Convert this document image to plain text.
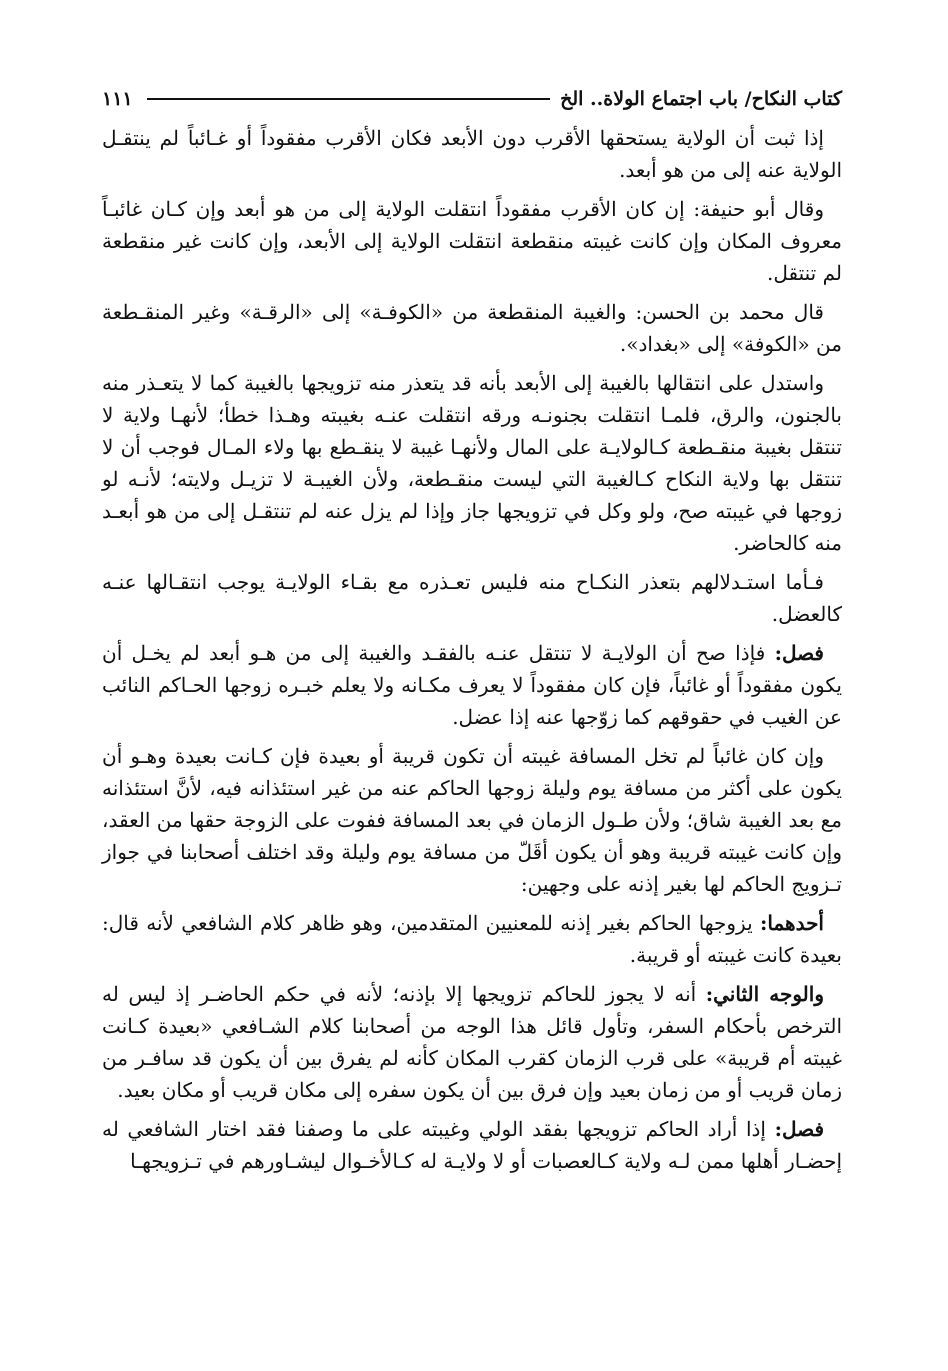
كتاب النكاح/ باب اجتماع الولاة.. الخ
١١١

إذا ثبت أن الولاية يستحقها الأقرب دون الأبعد فكان الأقرب مفقوداً أو غـائباً لم ينتقـل الولاية عنه إلى من هو أبعد.

وقال أبو حنيفة: إن كان الأقرب مفقوداً انتقلت الولاية إلى من هو أبعد وإن كـان غائبـاً معروف المكان وإن كانت غيبته منقطعة انتقلت الولاية إلى الأبعد، وإن كانت غير منقطعة لم تنتقل.

قال محمد بن الحسن: والغيبة المنقطعة من «الكوفـة» إلى «الرقـة» وغير المنقـطعة من «الكوفة» إلى «بغداد».

واستدل على انتقالها بالغيبة إلى الأبعد بأنه قد يتعذر منه تزويجها بالغيبة كما لا يتعـذر منه بالجنون، والرق، فلمـا انتقلت بجنونـه ورقه انتقلت عنـه بغيبته وهـذا خطأ؛ لأنهـا ولاية لا تنتقل بغيبة منقـطعة كـالولايـة على المال ولأنهـا غيبة لا ينقـطع بها ولاء المـال فوجب أن لا تنتقل بها ولاية النكاح كـالغيبة التي ليست منقـطعة، ولأن الغيبـة لا تزيـل ولايته؛ لأنـه لو زوجها في غيبته صح، ولو وكل في تزويجها جاز وإذا لم يزل عنه لم تنتقـل إلى من هو أبعـد منه كالحاضر.

فـأما استـدلالهم بتعذر النكـاح منه فليس تعـذره مع بقـاء الولايـة يوجب انتقـالها عنـه كالعضل.

فصل: فإذا صح أن الولايـة لا تنتقل عنـه بالفقـد والغيبة إلى من هـو أبعد لم يخـل أن يكون مفقوداً أو غائباً، فإن كان مفقوداً لا يعرف مكـانه ولا يعلم خبـره زوجها الحـاكم النائب عن الغيب في حقوقهم كما زوّجها عنه إذا عضل.

وإن كان غائباً لم تخل المسافة غيبته أن تكون قريبة أو بعيدة فإن كـانت بعيدة وهـو أن يكون على أكثر من مسافة يوم وليلة زوجها الحاكم عنه من غير استئذانه فيه، لأنَّ استئذانه مع بعد الغيبة شاق؛ ولأن طـول الزمان في بعد المسافة ففوت على الزوجة حقها من العقد، وإن كانت غيبته قريبة وهو أن يكون أقَلّ من مسافة يوم وليلة وقد اختلف أصحابنا في جواز تـزويج الحاكم لها بغير إذنه على وجهين:

أحدهما: يزوجها الحاكم بغير إذنه للمعنيين المتقدمين، وهو ظاهر كلام الشافعي لأنه قال: بعيدة كانت غيبته أو قريبة.

والوجه الثاني: أنه لا يجوز للحاكم تزويجها إلا بإذنه؛ لأنه في حكم الحاضـر إذ ليس له الترخص بأحكام السفر، وتأول قائل هذا الوجه من أصحابنا كلام الشـافعي «بعيدة كـانت غيبته أم قريبة» على قرب الزمان كقرب المكان كأنه لم يفرق بين أن يكون قد سافـر من زمان قريب أو من زمان بعيد وإن فرق بين أن يكون سفره إلى مكان قريب أو مكان بعيد.

فصل: إذا أراد الحاكم تزويجها بفقد الولي وغيبته على ما وصفنا فقد اختار الشافعي له إحضـار أهلها ممن لـه ولاية كـالعصبات أو لا ولايـة له كـالأخـوال ليشـاورهم في تـزويجهـا
